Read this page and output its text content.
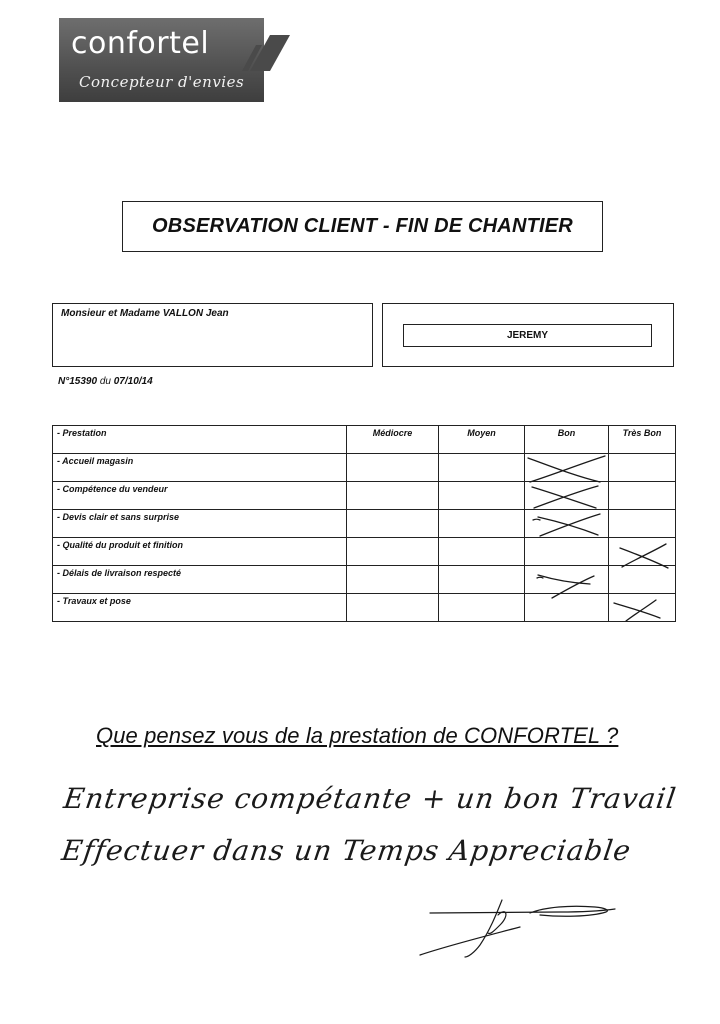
confortel
Concepteur d'envies
OBSERVATION CLIENT - FIN DE CHANTIER
Monsieur et Madame VALLON Jean
JEREMY
N°15390 du 07/10/14
- Prestation	Médiocre	Moyen	Bon	Très Bon
- Accueil magasin				
- Compétence du vendeur				
- Devis clair et sans surprise				
- Qualité du produit et finition				
- Délais de livraison respecté				
- Travaux et pose				
Que pensez vous de la prestation de CONFORTEL ?
Entreprise compétante + un bon Travail
Effectuer dans un Temps Appreciable
